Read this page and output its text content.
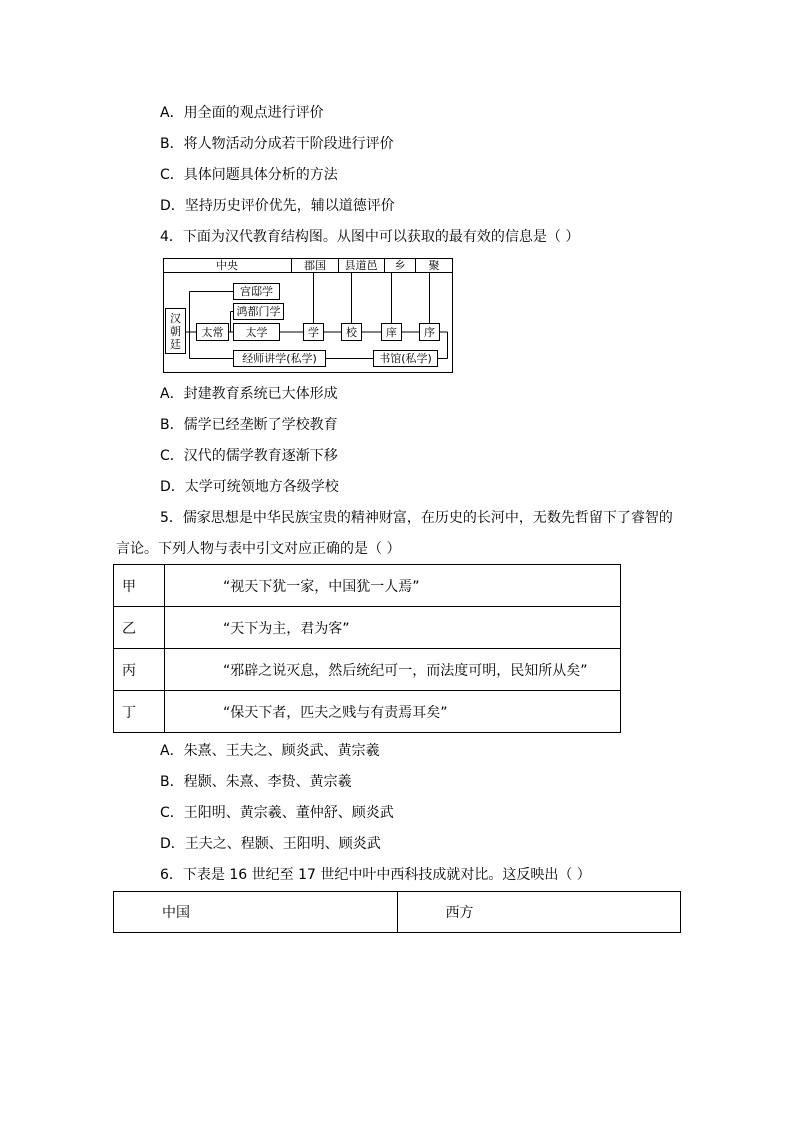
A．用全面的观点进行评价
B．将人物活动分成若干阶段进行评价
C．具体问题具体分析的方法
D．坚持历史评价优先，辅以道德评价
4．下面为汉代教育结构图。从图中可以获取的最有效的信息是（ ）
中央	郡国 县道邑 乡 聚
汉
朝
廷
太常
宫邸学
鸿都门学
太学	学 校	庠 序
经师讲学(私学)	书馆(私学)
A．封建教育系统已大体形成
B．儒学已经垄断了学校教育
C．汉代的儒学教育逐渐下移
D．太学可统领地方各级学校
5．儒家思想是中华民族宝贵的精神财富，在历史的长河中，无数先哲留下了睿智的
言论。下列人物与表中引文对应正确的是（ ）
甲	“视天下犹一家，中国犹一人焉”
乙	“天下为主，君为客”
丙	“邪辟之说灭息，然后统纪可一，而法度可明，民知所从矣”
丁	“保天下者，匹夫之贱与有责焉耳矣”
A．朱熹、王夫之、顾炎武、黄宗羲
B．程颢、朱熹、李贽、黄宗羲
C．王阳明、黄宗羲、董仲舒、顾炎武
D．王夫之、程颢、王阳明、顾炎武
6．下表是 16 世纪至 17 世纪中叶中西科技成就对比。这反映出（ ）
中国	西方
